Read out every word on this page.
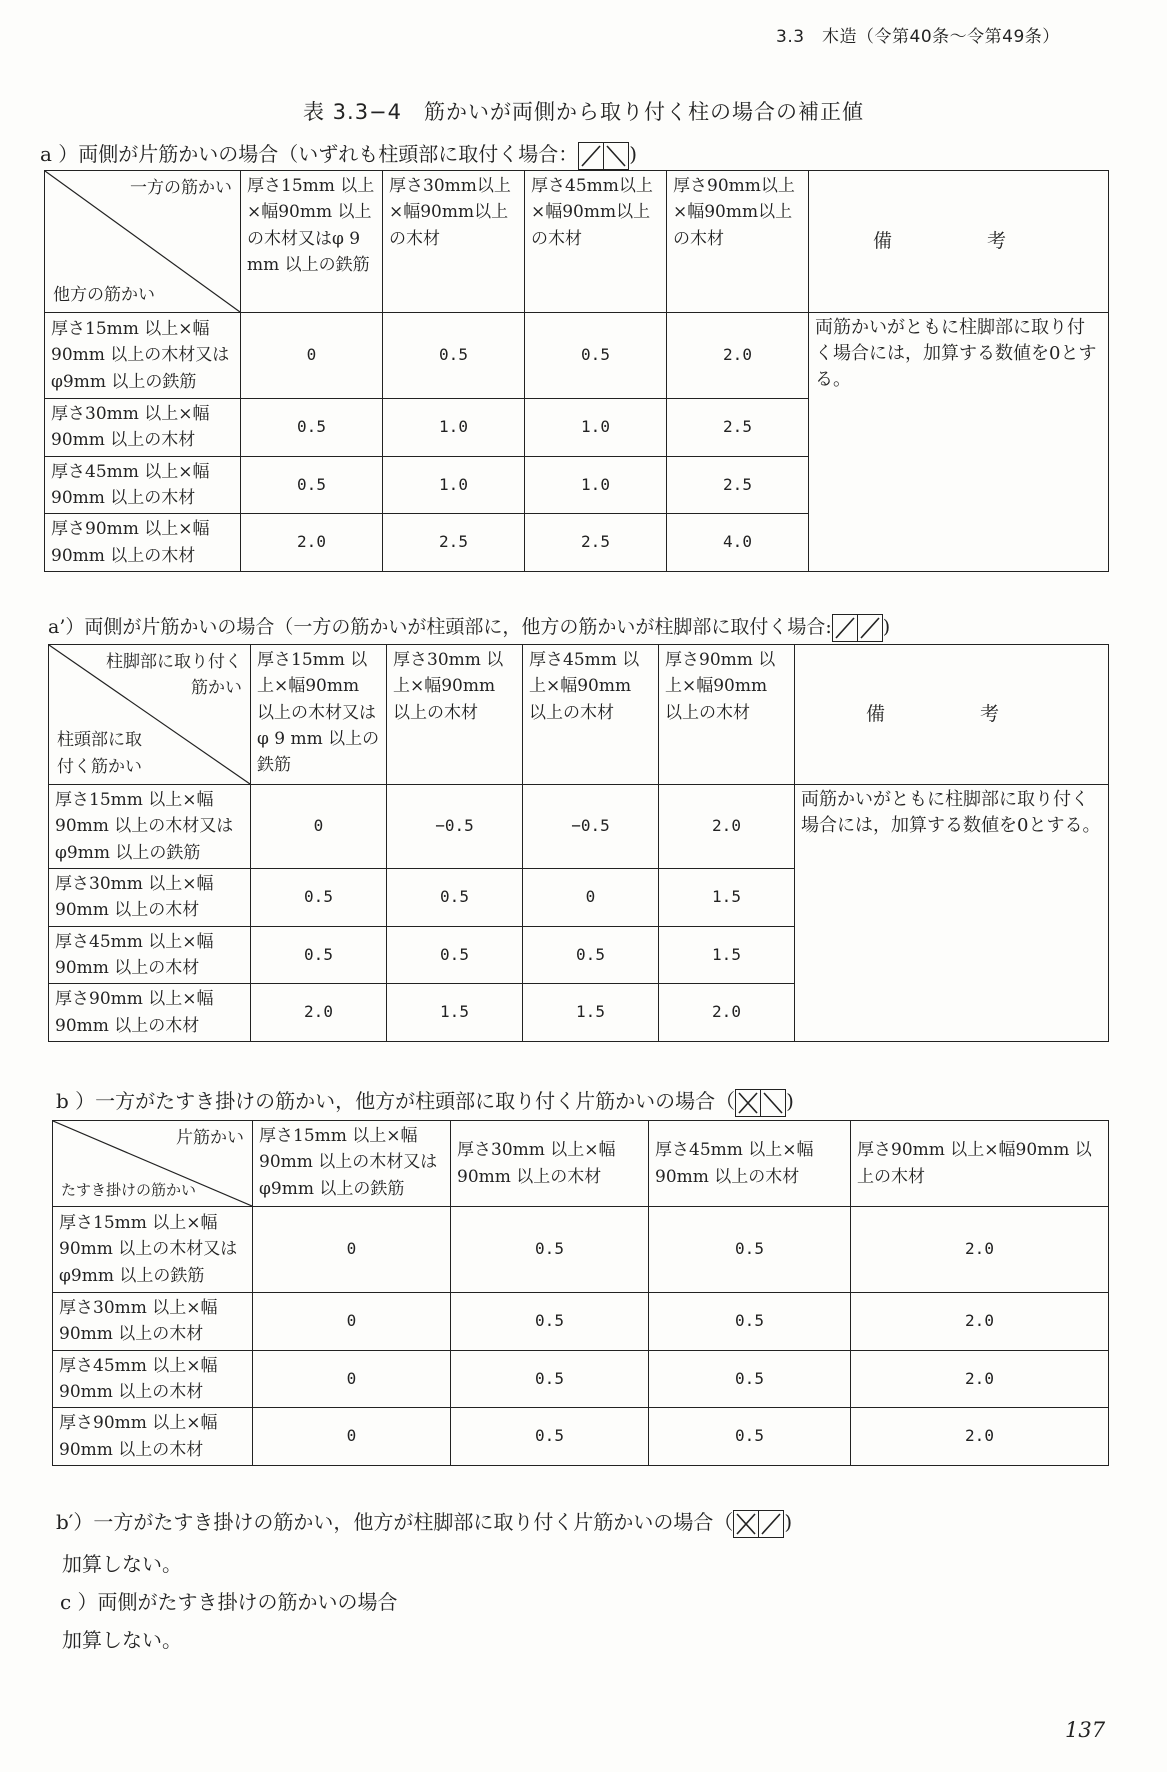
3.3　木造（令第40条～令第49条）
表 3.3−4　筋かいが両側から取り付く柱の場合の補正値
a ）両側が片筋かいの場合（いずれも柱頭部に取付く場合：	)
一方の筋かい
他方の筋かい	厚さ15mm 以上×幅90mm 以上の木材又はφ 9 mm 以上の鉄筋	厚さ30mm以上×幅90mm以上の木材	厚さ45mm以上×幅90mm以上の木材	厚さ90mm以上×幅90mm以上の木材	備　考
厚さ15mm 以上×幅90mm 以上の木材又はφ9mm 以上の鉄筋	0	0.5	0.5	2.0	両筋かいがともに柱脚部に取り付く場合には，加算する数値を0とする。
厚さ30mm 以上×幅90mm 以上の木材	0.5	1.0	1.0	2.5	
厚さ45mm 以上×幅90mm 以上の木材	0.5	1.0	1.0	2.5	
厚さ90mm 以上×幅90mm 以上の木材	2.0	2.5	2.5	4.0	
a’）両側が片筋かいの場合（一方の筋かいが柱頭部に，他方の筋かいが柱脚部に取付く場合:	)
柱脚部に取り付く筋かい
柱頭部に取付く筋かい	厚さ15mm 以上×幅90mm 以上の木材又はφ 9 mm 以上の鉄筋	厚さ30mm 以上×幅90mm 以上の木材	厚さ45mm 以上×幅90mm 以上の木材	厚さ90mm 以上×幅90mm 以上の木材	備　考
厚さ15mm 以上×幅90mm 以上の木材又はφ9mm 以上の鉄筋	0	−0.5	−0.5	2.0	両筋かいがともに柱脚部に取り付く場合には，加算する数値を0とする。
厚さ30mm 以上×幅90mm 以上の木材	0.5	0.5	0	1.5	
厚さ45mm 以上×幅90mm 以上の木材	0.5	0.5	0.5	1.5	
厚さ90mm 以上×幅90mm 以上の木材	2.0	1.5	1.5	2.0	
b ）一方がたすき掛けの筋かい，他方が柱頭部に取り付く片筋かいの場合（	)
片筋かい
たすき掛けの筋かい	厚さ15mm 以上×幅90mm 以上の木材又はφ9mm 以上の鉄筋	厚さ30mm 以上×幅90mm 以上の木材	厚さ45mm 以上×幅90mm 以上の木材	厚さ90mm 以上×幅90mm 以上の木材
厚さ15mm 以上×幅90mm 以上の木材又はφ9mm 以上の鉄筋	0	0.5	0.5	2.0
厚さ30mm 以上×幅90mm 以上の木材	0	0.5	0.5	2.0
厚さ45mm 以上×幅90mm 以上の木材	0	0.5	0.5	2.0
厚さ90mm 以上×幅90mm 以上の木材	0	0.5	0.5	2.0
b′）一方がたすき掛けの筋かい，他方が柱脚部に取り付く片筋かいの場合（	)
加算しない。
c ）両側がたすき掛けの筋かいの場合
加算しない。
137
